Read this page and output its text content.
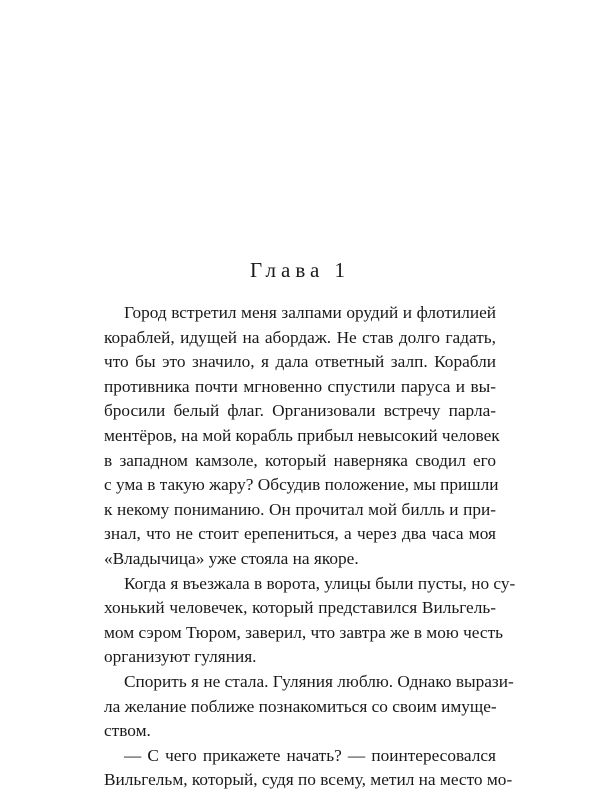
Глава 1
Город встретил меня залпами орудий и флотилией
кораблей, идущей на абордаж. Не став долго гадать,
что бы это значило, я дала ответный залп. Корабли
противника почти мгновенно спустили паруса и вы-
бросили белый флаг. Организовали встречу парла-
ментёров, на мой корабль прибыл невысокий человек
в западном камзоле, который наверняка сводил его
с ума в такую жару? Обсудив положение, мы пришли
к некому пониманию. Он прочитал мой билль и при-
знал, что не стоит ерепениться, а через два часа моя
«Владычица» уже стояла на якоре.
Когда я въезжала в ворота, улицы были пусты, но су-
хонький человечек, который представился Вильгель-
мом сэром Тюром, заверил, что завтра же в мою честь
организуют гуляния.
Спорить я не стала. Гуляния люблю. Однако вырази-
ла желание поближе познакомиться со своим имуще-
ством.
— С чего прикажете начать? — поинтересовался
Вильгельм, который, судя по всему, метил на место мо-
